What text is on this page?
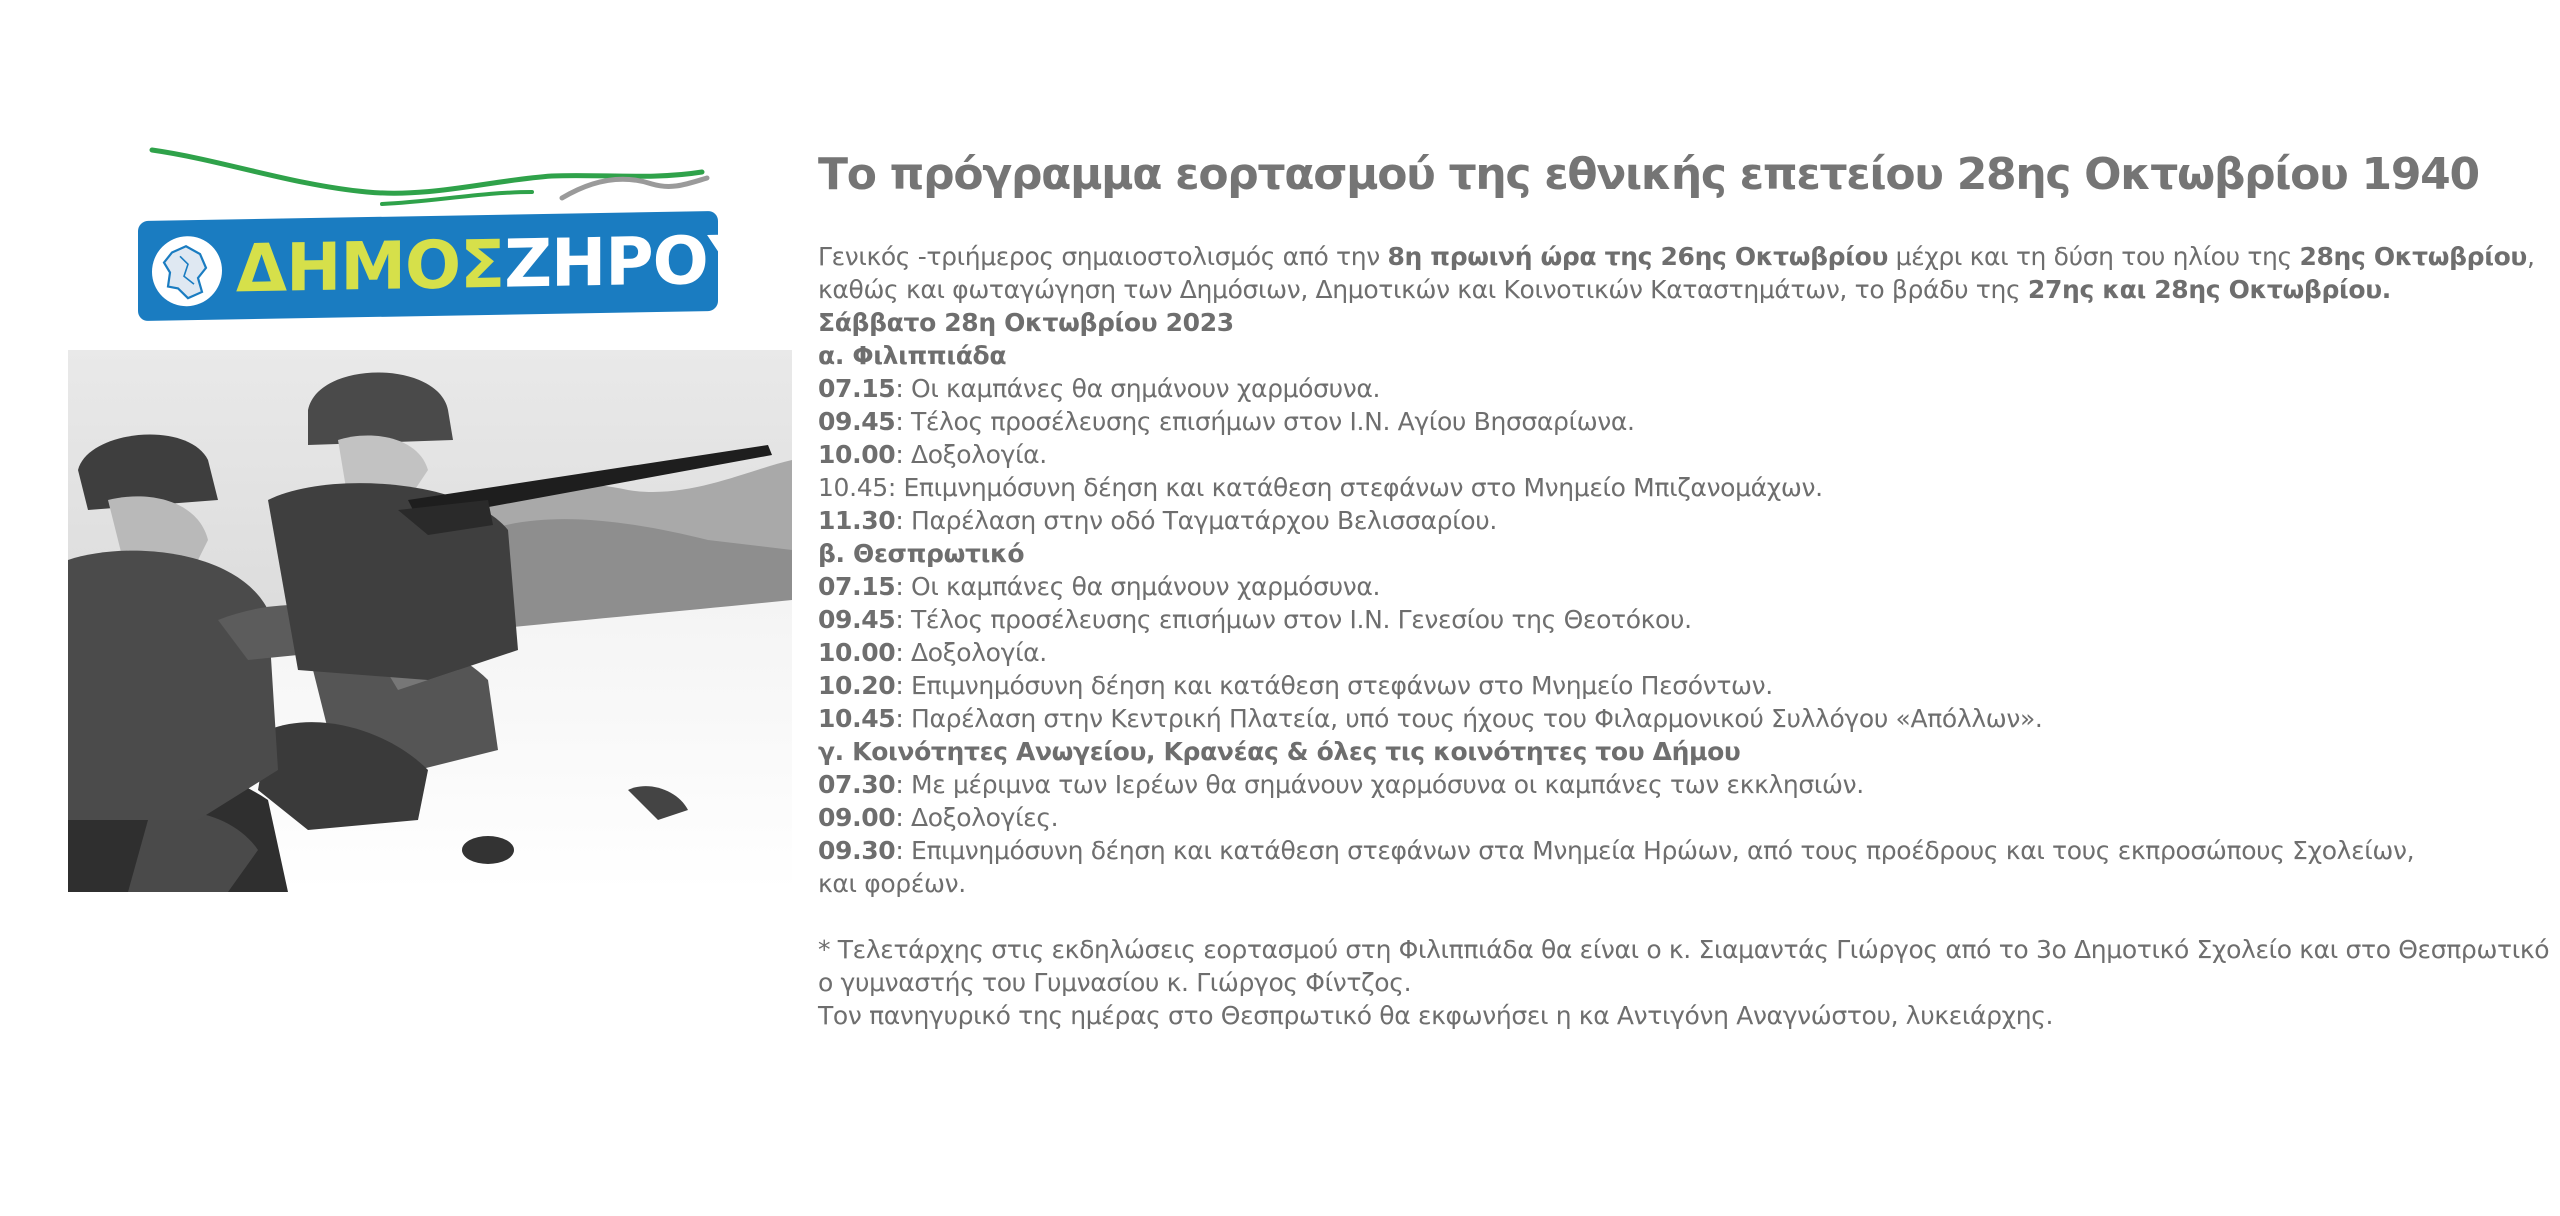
ΔΗΜΟΣΖΗΡΟΥ
Το πρόγραμμα εορτασμού της εθνικής επετείου 28ης Οκτωβρίου 1940
Γενικός -τριήμερος σημαιοστολισμός από την 8η πρωινή ώρα της 26ης Οκτωβρίου μέχρι και τη δύση του ηλίου της 28ης Οκτωβρίου,
καθώς και φωταγώγηση των Δημόσιων, Δημοτικών και Κοινοτικών Καταστημάτων, το βράδυ της 27ης και 28ης Οκτωβρίου.
Σάββατο 28η Οκτωβρίου 2023
α. Φιλιππιάδα
07.15: Οι καμπάνες θα σημάνουν χαρμόσυνα.
09.45: Τέλος προσέλευσης επισήμων στον Ι.Ν. Αγίου Βησσαρίωνα.
10.00: Δοξολογία.
10.45: Επιμνημόσυνη δέηση και κατάθεση στεφάνων στο Μνημείο Μπιζανομάχων.
11.30: Παρέλαση στην οδό Ταγματάρχου Βελισσαρίου.
β. Θεσπρωτικό
07.15: Οι καμπάνες θα σημάνουν χαρμόσυνα.
09.45: Τέλος προσέλευσης επισήμων στον Ι.Ν. Γενεσίου της Θεοτόκου.
10.00: Δοξολογία.
10.20: Επιμνημόσυνη δέηση και κατάθεση στεφάνων στο Μνημείο Πεσόντων.
10.45: Παρέλαση στην Κεντρική Πλατεία, υπό τους ήχους του Φιλαρμονικού Συλλόγου «Απόλλων».
γ. Κοινότητες Ανωγείου, Κρανέας & όλες τις κοινότητες του Δήμου
07.30: Με μέριμνα των Ιερέων θα σημάνουν χαρμόσυνα οι καμπάνες των εκκλησιών.
09.00: Δοξολογίες.
09.30: Επιμνημόσυνη δέηση και κατάθεση στεφάνων στα Μνημεία Ηρώων, από τους προέδρους και τους εκπροσώπους Σχολείων,
και φορέων.
* Τελετάρχης στις εκδηλώσεις εορτασμού στη Φιλιππιάδα θα είναι ο κ. Σιαμαντάς Γιώργος από το 3ο Δημοτικό Σχολείο και στο Θεσπρωτικό
ο γυμναστής του Γυμνασίου κ. Γιώργος Φίντζος.
Τον πανηγυρικό της ημέρας στο Θεσπρωτικό θα εκφωνήσει η κα Αντιγόνη Αναγνώστου, λυκειάρχης.
